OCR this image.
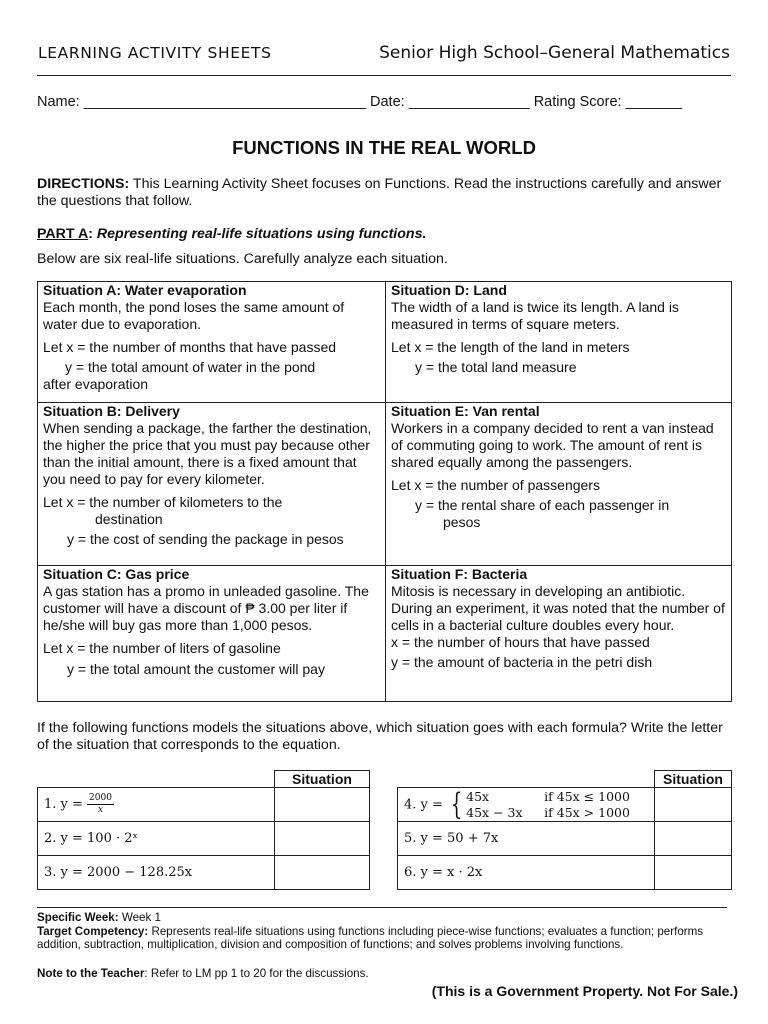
LEARNING ACTIVITY SHEETS	Senior High School–General Mathematics
Name: ___________________________________ Date: _______________ Rating Score: _______
FUNCTIONS IN THE REAL WORLD
DIRECTIONS: This Learning Activity Sheet focuses on Functions. Read the instructions carefully and answer the questions that follow.
PART A: Representing real-life situations using functions.
Below are six real-life situations. Carefully analyze each situation.
Situation A: Water evaporation
Each month, the pond loses the same amount of water due to evaporation.
Let x = the number of months that have passed
y = the total amount of water in the pond
after evaporation
Situation D: Land
The width of a land is twice its length. A land is measured in terms of square meters.
Let x = the length of the land in meters
y = the total land measure
Situation B: Delivery
When sending a package, the farther the destination, the higher the price that you must pay because other than the initial amount, there is a fixed amount that you need to pay for every kilometer.
Let x = the number of kilometers to the
destination
y = the cost of sending the package in pesos
Situation E: Van rental
Workers in a company decided to rent a van instead of commuting going to work. The amount of rent is shared equally among the passengers.
Let x = the number of passengers
y = the rental share of each passenger in
pesos
Situation C: Gas price
A gas station has a promo in unleaded gasoline. The customer will have a discount of ₱ 3.00 per liter if he/she will buy gas more than 1,000 pesos.
Let x = the number of liters of gasoline
y = the total amount the customer will pay
Situation F: Bacteria
Mitosis is necessary in developing an antibiotic. During an experiment, it was noted that the number of cells in a bacterial culture doubles every hour.
x = the number of hours that have passed
y = the amount of bacteria in the petri dish
If the following functions models the situations above, which situation goes with each formula? Write the letter of the situation that corresponds to the equation.
	Situation
1. $y = \frac{2000}{x}$

2. y = 100 · 2ˣ	
3. y = 2000 − 128.25x	
	Situation
4. y = { 45x if 45x ≤ 1000
45x − 3x if 45x > 1000	

5. y = 50 + 7x	
6. y = x · 2x	
Specific Week: Week 1
Target Competency: Represents real-life situations using functions including piece-wise functions; evaluates a function; performs addition, subtraction, multiplication, division and composition of functions; and solves problems involving functions.
Note to the Teacher: Refer to LM pp 1 to 20 for the discussions.
(This is a Government Property. Not For Sale.)
